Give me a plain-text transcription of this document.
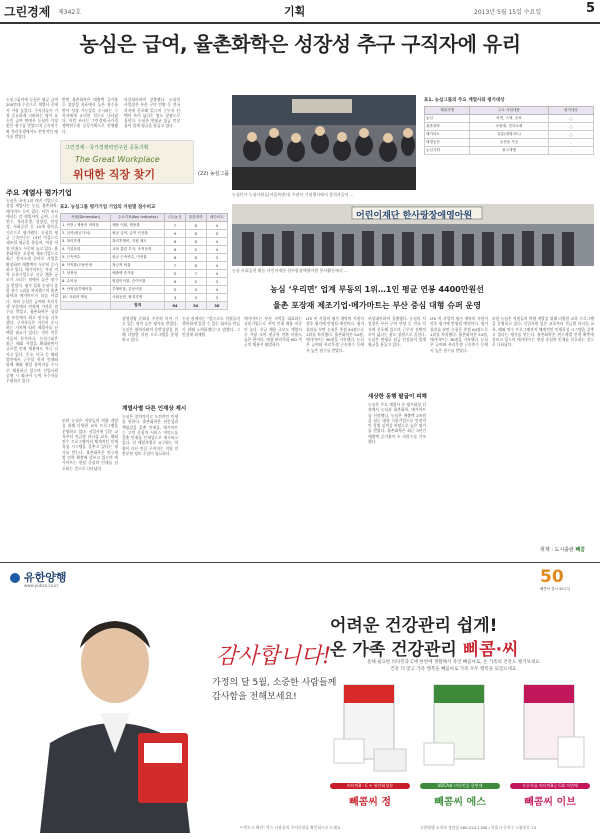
그린경제 제342호	기획	2013년 5월 15일 수요일	5
농심은 급여, 율촌화학은 성장성 추구 구직자에 유리
농심그룹이에 농심은 평균 급여 200만대 수준으로 계열사 중에서 가장 높았다. 구직자들이 가장 중요하게 고려하는 평가 요소인 급여 면에서 농심이 가장 좋은 점수를 받았으며 근속연수와 복리후생에서도 안정적인 평가를 받았다.
반면 율촌화학은 매출액 증가율 등 성장성 지표에서 높은 점수를 받아 성장 가능성을 중시하는 구직자에게 유리한 것으로 나타났다. 이번 조사는 그린경제·국가경쟁력연구원 공동기획으로 진행됐다.
비상대비하여 창출했다. 농심의 사업장은 부산 구미 안양 등 전국 각지에 분포해 있으며 근무지 선택의 폭이 넓다는 점도 장점으로 꼽힌다. 농심은 연평균 임금 인상률이 업계 평균을 웃돌고 있다.
그린경제 · 국가경쟁력연구원 공동기획
The Great Workplace
위대한 직장 찾기	(22) 농심그룹
주요 계열사 평가기업
농심은 국내 1위 라면 기업으로 상장 계열사는 농심, 율촌화학, 메가마트 등이 있다. 이번 조사에서는 각 계열사의 급여, 근속연수, 복리후생, 성장성, 안정성, 사회공헌 등 10개 항목을 기준으로 평가했다. 농심의 평균 근속연수는 13년 이상으로 제조업 평균을 웃돌며, 여성 직원 비율도 꾸준히 늘고 있다. 율촌화학은 포장재 제조기업으로 최근 전자소재 분야로 사업을 확장하며 매출액이 꾸준히 증가하고 있다. 메가마트는 부산 지역 유통기업으로 신규 채용 규모가 크다는 점에서 높은 점수를 받았다. 평가 결과 농심이 종합 점수 1위를 차지했으며 율촌화학과 메가마트가 뒤를 이었다. 특히 농심은 급여와 복리후생 부문에서 만점에 가까운 점수를 얻었고, 율촌화학은 성장성 부문에서 최고 점수를 기록했다. 구직자들은 자신이 중시하는 가치에 따라 계열사를 선택할 필요가 있다는 것이 전문가들의 분석이다. 농심그룹은 최근 해외 사업을 확대하면서 글로벌 인재 채용에도 적극 나서고 있다. 중국, 미국 등 해외 법인에서 근무할 현지 인재와 함께 해외 영업 경력자를 수시로 채용하고 있으며 신입사원 공채 시 외국어 능력 우수자를 우대하고 있다.
또한 농심은 직원들의 역량 개발을 위해 다양한 교육 프로그램을 운영하고 있다. 신입사원 입문 교육부터 직급별 리더십 교육, 해외 연수 프로그램까지 체계적인 인재육성 시스템을 갖추고 있다는 평가를 받는다. 율촌화학은 연구개발 인력 확충에 힘쓰고 있으며 메가마트는 현장 중심의 인재를 선호하는 것으로 나타났다.
농심본사 농심사원들(서울특별시) 주관사 기념행사에서 참석자들이 ...
어린이재단 한사랑장애영아원
농심 사회공헌 활동 어린이재단 한사랑장애영아원 봉사활동에서 ...
표1. 농심그룹의 주요 계열사와 평가대상
계열사명	주요 사업내용	평가대상
농심	라면, 스낵, 음료	○
율촌화학	포장재, 전자소재	○
메가마트	유통(대형마트)	○
태경농산	농산물 가공	-
농심기획	광고대행	-
표2. 농심그룹 평가기업 기업의 지원별 점수비교
차원(Dimension)	주요지표(Key Indicator)	(주)농심	율촌화학	메가마트
1. 안전 / 채용의 어려움	채용 인원, 채용률	7	6	4
2. 급여(평균가치)	평균 급여, 급여 인상률	9	6	5
3. 복리후생	복리후생비, 지원 제도	8	6	4
4. 기업문화	교육 훈련 투자, 조직문화	6	5	4
5. 근속연수	평균 근속연수, 이직률	8	6	3
6. 이직률/고용안정	정규직 비율	7	6	4
7. 성장성	매출액 증가율	5	7	4
8. 수익성	영업이익률, 순이익률	6	5	3
9. 안정성/부채비율	부채비율, 유동비율	5	4	4
10. 사회적 책임	사회공헌, 환경경영	3	3	3
	합계	64	54	38
농심 ‘우리면’ 업계 부동의 1위…1인 평균 연봉 4400만원선
율촌 포장재 제조기업·메가마트는 부산 중심 대형 슈퍼 운영
상생경영 문화를 꾸준히 이어 가고 있는 점이 높은 평가를 받았다. 농심은 협력사와의 동반성장을 위해 다양한 지원 프로그램을 운영하고 있다.
계열사별 다른 인재상 제시
농심은 창의적이고 도전적인 인재를 원한다. 율촌화학은 전문성과 책임감을 갖춘 인재를, 메가마트는 고객 중심의 서비스 마인드를 갖춘 인재를 인재상으로 제시하고 있다. 각 계열사별로 요구하는 역량이 다른 만큼 구직자는 지원 전 충분한 정보 수집이 필요하다.
농심 관계자는 “앞으로도 직원들이 행복하게 일할 수 있는 회사를 만들기 위해 노력하겠다”고 말했다. 그린경제 취재팀
메가마트는 부산 지역을 대표하는 유통기업으로 지역 인재 채용 비중이 높다. 신규 채용 규모도 계열사 중 가장 크며 정규직 전환 비율도 높은 편이다. 매장 관리직과 MD 직군의 채용이 활발하다.
LTE 이 사업의 평가 계약의 지원이 향후 평가에 반영될 예정이다. 평가결과를 보면 농심은 총점 64점으로 1위를 차지했다. 율촌화학은 54점, 메가마트는 38점을 기록했다. 농심은 급여와 복리후생 근속연수 등에서 높은 점수를 받았다.
비상대비하여 창출했다. 농심의 사업장은 부산 구미 안양 등 전국 각지에 분포해 있으며 근무지 선택의 폭이 넓다는 점도 장점으로 꼽힌다. 농심은 연평균 임금 인상률이 업계 평균을 웃돌고 있다.
새상한 동행 팔굽이 피해
농심은 주요 계열사 중 평가대상 선정에서 농심과 율촌화학, 메가마트를 선정했다. 농심은 매출액 2조원을 넘는 대형 식품기업으로 안정적인 경영 실적을 바탕으로 높은 평가를 받았다. 율촌화학은 최근 3년간 매출액 증가율이 두 자릿수를 기록했다.
LTE 이 사업의 평가 계약의 지원이 향후 평가에 반영될 예정이다. 평가결과를 보면 농심은 총점 64점으로 1위를 차지했다. 율촌화학은 54점, 메가마트는 38점을 기록했다. 농심은 급여와 복리후생 근속연수 등에서 높은 점수를 받았다.
또한 농심은 직원들의 역량 개발을 위해 다양한 교육 프로그램을 운영하고 있다. 신입사원 입문 교육부터 직급별 리더십 교육, 해외 연수 프로그램까지 체계적인 인재육성 시스템을 갖추고 있다는 평가를 받는다. 율촌화학은 연구개발 인력 확충에 힘쓰고 있으며 메가마트는 현장 중심의 인재를 선호하는 것으로 나타났다.
취재 : 도시출판 빼콤
유한양행
www.yuhan.co.kr
감사합니다!
가정의 달 5월, 소중한 사람들께
감사함을 전해보세요!
50
빼콤씨 출시 50주년
어려운 건강관리 쉽게!
온 가족 건강관리 삐콤·씨
올해 필요한 비타민과 C에 한번에 생활해서 자연 빼콤씨로, 온 가족의 건강도 챙겨보세요.
건강 더 맞고 가족 행복을 빼콤씨로 가족 모두 행복을 되찾으세요.
비타민B · C + 항산화성분
빼콤씨 정
UDCA와 비타민을 한번에
빼콤씨 에스
우루사를 비타민B군 C와 이번에
빼콤씨 이브
*"반드시 확인" 박스 사용상의 주의사항을 확인하시고 드세요	유한양행 소비자 상담실 080-024-1188 / 서울시 동작구 노량진로 74
